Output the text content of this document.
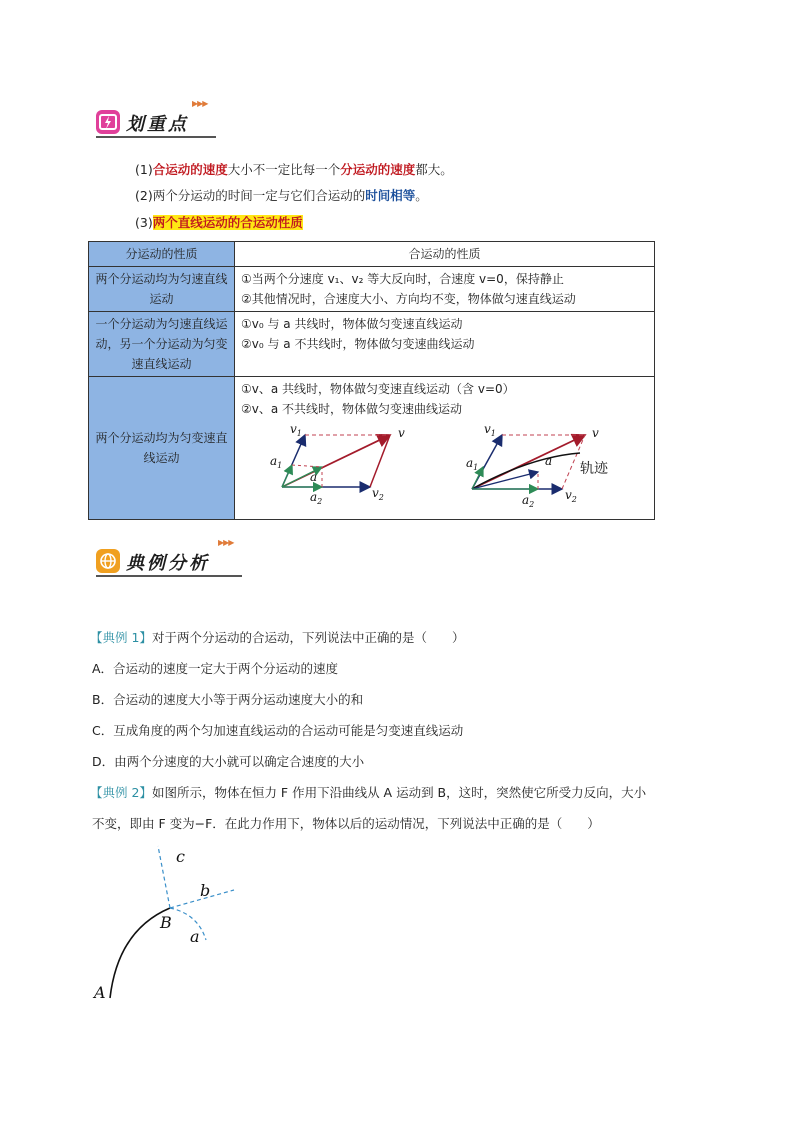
划重点
▶▶▶
(1)合运动的速度大小不一定比每一个分运动的速度都大。
(2)两个分运动的时间一定与它们合运动的时间相等。
(3)两个直线运动的合运动性质
分运动的性质	合运动的性质
两个分运动均为匀速直线运动	①当两个分速度 v₁、v₂ 等大反向时，合速度 v=0，保持静止
②其他情况时，合速度大小、方向均不变，物体做匀速直线运动

一个分运动为匀速直线运动，另一个分运动为匀变速直线运动	①v₀ 与 a 共线时，物体做匀变速直线运动
②v₀ 与 a 不共线时，物体做匀变速曲线运动

两个分运动均为匀变速直线运动	①v、a 共线时，物体做匀变速直线运动（含 v=0）
②v、a 不共线时，物体做匀变速曲线运动
$v_1$	v
$a_1$
a
$a_2$
$v_2$
$v_1$	v
$a_1$	a 轨迹
$a_2$
$v_2$
典例分析
▶▶▶
【典例 1】对于两个分运动的合运动，下列说法中正确的是（　　）
A．合运动的速度一定大于两个分运动的速度
B．合运动的速度大小等于两分运动速度大小的和
C．互成角度的两个匀加速直线运动的合运动可能是匀变速直线运动
D．由两个分速度的大小就可以确定合速度的大小
【典例 2】如图所示，物体在恒力 F 作用下沿曲线从 A 运动到 B，这时，突然使它所受力反向，大小
不变，即由 F 变为−F．在此力作用下，物体以后的运动情况，下列说法中正确的是（　　）
c
b
B
a
A
